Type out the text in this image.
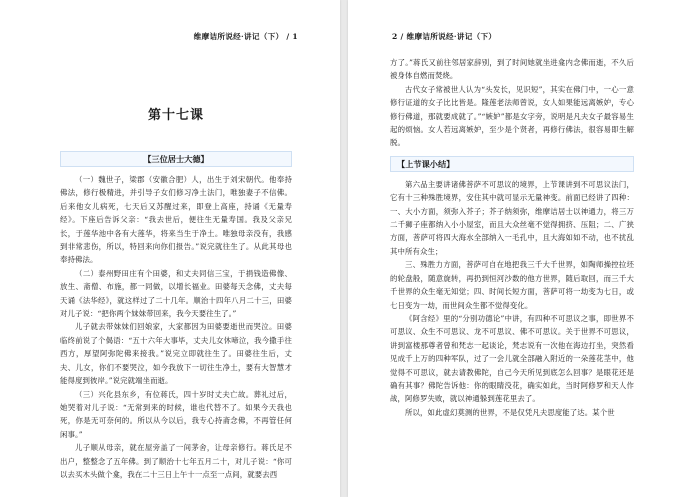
维摩诘所说经·讲记（下） / 1
第十七课
【三位居士大德】

（一）魏世子，梁郡（安徽合肥）人，出生于刘宋朝代。他奉持佛法，修行极精进，并引导子女们修习净土法门，唯独妻子不信佛。后来他女儿病死，七天后又苏醒过来，即登上高座，持诵《无量寿经》。下座后告诉父亲：“我去世后，便往生无量寿国。我及父亲兄长，于莲华池中各有大莲华，将来当生于净土。唯独母亲没有，我感到非常悲伤，所以，特回来向你们报告。”说完就往生了。从此其母也奉持佛法。

（二）泰州野田庄有个田婆，和丈夫同信三宝，于捐钱造佛像、放生、斋僧、布施，都一同做，以增长福业。田婆每天念佛，丈夫每天诵《法华经》，就这样过了二十几年。顺治十四年八月二十三，田婆对儿子说：“把你两个妹妹带回来，我今天要往生了。”

儿子就去带妹妹们回娘家，大家都因为田婆要逝世而哭泣。田婆临终前说了个偈语：“五十六年大事毕，丈夫儿女休啼泣，我今撒手往西方，厚望阿弥陀佛来接我。”说完立即就往生了。田婆往生后，丈夫、儿女，你们不要哭泣，如今我放下一切往生净土，要有大智慧才能得度到彼岸。”说完就端坐而逝。

（三）兴化县东乡，有位蒋氏，四十岁时丈夫亡故。葬礼过后，她哭着对儿子说：“无常到来的时候，谁也代替不了。如果今天我也死，你是无可奈何的。所以从今以后，我专心持斋念佛，不再管任何闲事。”

儿子顺从母亲，就在屋旁盖了一间茅舍，让母亲修行。蒋氏足不出户，整整念了五年佛。到了顺治十七年五月二十，对儿子说：“你可以去买木头做个龛，我在二十三日上午十一点至一点间，就要去西

2 / 维摩诘所说经·讲记（下）

方了。”蒋氏又前往邻居家辞别，到了时间她就坐进龛内念佛而逝，不久后被身体自燃而焚烧。

古代女子常被世人认为“头发长，见识短”，其实在佛门中，一心一意修行证道的女子比比皆是。隆莲老法师曾说，女人如果能远离嫉妒，专心修行佛道，那就要成就了。”“嫉妒”都是女字旁，说明是凡夫女子最容易生起的烦恼。女人若远离嫉妒，至少是个贤者，再修行佛法，很容易即生解脱。

【上节课小结】

第六品主要讲诸佛菩萨不可思议的境界，上节课讲到不可思议法门，它有十三种殊胜境界，安住其中就可显示无量神变。前面已经讲了四种：一、大小方面，须弥入芥子；芥子纳须弥，维摩诘居士以神通力，将三万二千狮子座都纳入小小屋室，而且大众丝毫不觉得拥挤、压阻；二、广狭方面，菩萨可将四大海水全部纳入一毛孔中，且大海如如不动，也不扰乱其中所有众生；

三、殊胜力方面，菩萨可自在地把我三千大千世界，如陶师操控拉坯的轮盘般，随意旋转，再扔到恒河沙数的他方世界，随后取回，而三千大千世界的众生毫无知觉；四、时间长短方面，菩萨可将一劫变为七日，或七日变为一劫，而世间众生都不觉得变化。

《阿含经》里的“分别功德论”中讲，有四种不可思议之事，即世界不可思议、众生不可思议、龙不可思议、佛不可思议。关于世界不可思议，讲到富楼那尊者曾和梵志一起谈论，梵志说有一次他在海边打坐，突然看见成千上万的四种军队，过了一会儿就全部融入附近的一朵莲花茎中，他觉得不可思议，就去请教佛陀，自己今天所见到底怎么回事？是眼花还是确有其事？佛陀告诉他：你的眼睛没花，确实如此，当时阿修罗和天人作战，阿修罗失败，就以神通躲到莲花里去了。

所以，如此虚幻莫测的世界，不是仅凭凡夫思度能了达。某个世
